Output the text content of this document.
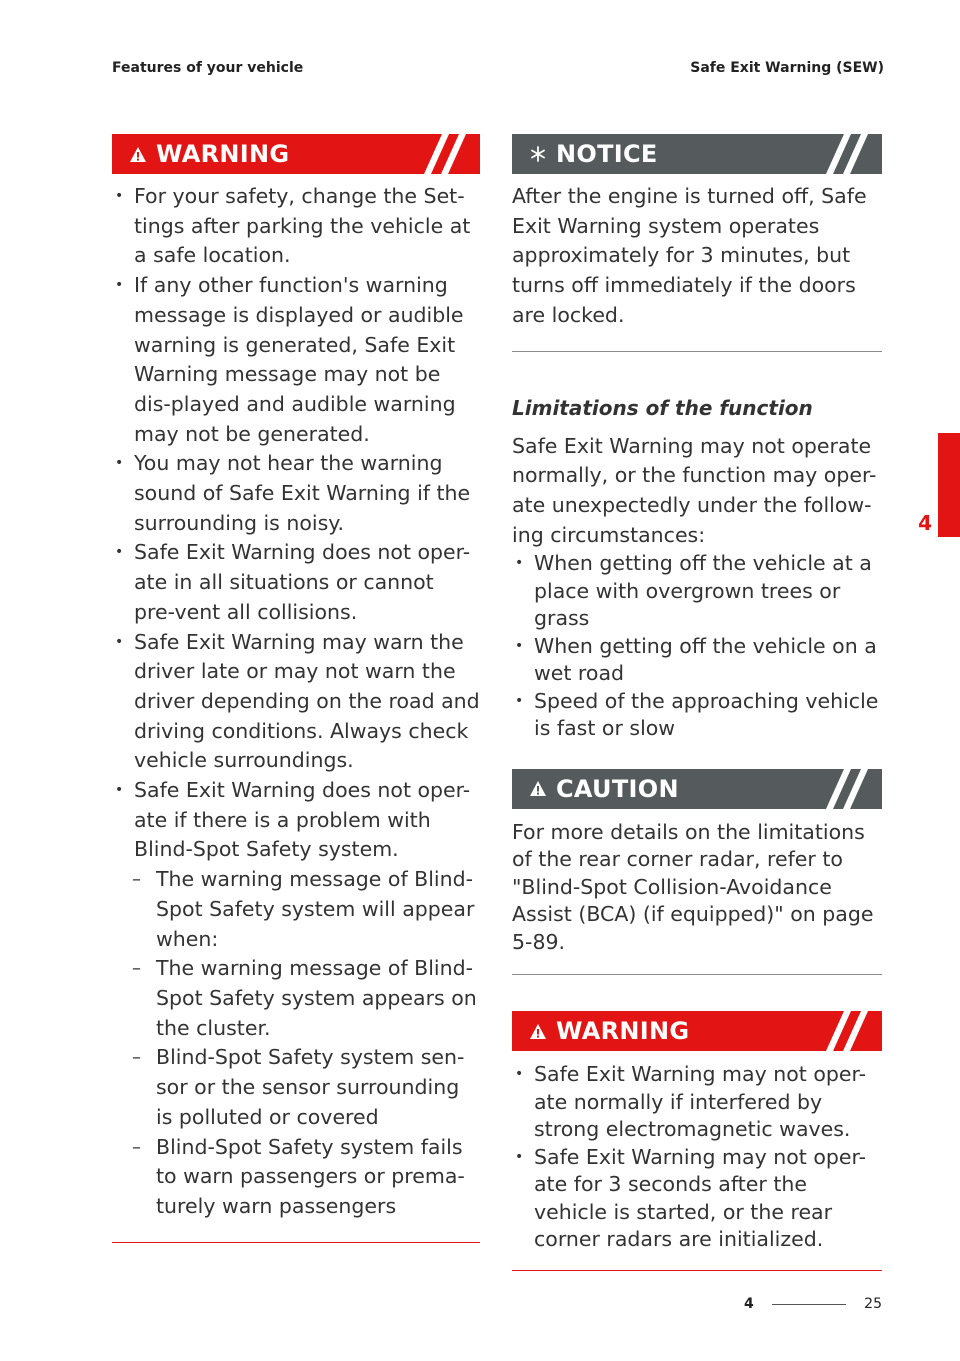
Features of your vehicle	Safe Exit Warning (SEW)
WARNING
• For your safety, change the Set-tings after parking the vehicle at a safe location.
• If any other function's warning message is displayed or audible warning is generated, Safe Exit Warning message may not be dis-played and audible warning may not be generated.
• You may not hear the warning sound of Safe Exit Warning if the surrounding is noisy.
• Safe Exit Warning does not oper-ate in all situations or cannot pre-vent all collisions.
• Safe Exit Warning may warn the driver late or may not warn the driver depending on the road and driving conditions. Always check vehicle surroundings.
• Safe Exit Warning does not oper-ate if there is a problem with Blind-Spot Safety system.
– The warning message of Blind-Spot Safety system will appear when:
– The warning message of Blind-Spot Safety system appears on the cluster.
– Blind-Spot Safety system sen-sor or the sensor surrounding is polluted or covered
– Blind-Spot Safety system fails to warn passengers or prema-turely warn passengers
NOTICE

After the engine is turned off, Safe Exit Warning system operates approximately for 3 minutes, but turns off immediately if the doors are locked.

Limitations of the function

Safe Exit Warning may not operate normally, or the function may oper-ate unexpectedly under the follow-ing circumstances:

• When getting off the vehicle at a place with overgrown trees or grass
• When getting off the vehicle on a wet road
• Speed of the approaching vehicle is fast or slow
CAUTION

For more details on the limitations of the rear corner radar, refer to "Blind-Spot Collision-Avoidance Assist (BCA) (if equipped)" on page 5-89.

WARNING
• Safe Exit Warning may not oper-ate normally if interfered by strong electromagnetic waves.
• Safe Exit Warning may not oper-ate for 3 seconds after the vehicle is started, or the rear corner radars are initialized.
4
4	25
